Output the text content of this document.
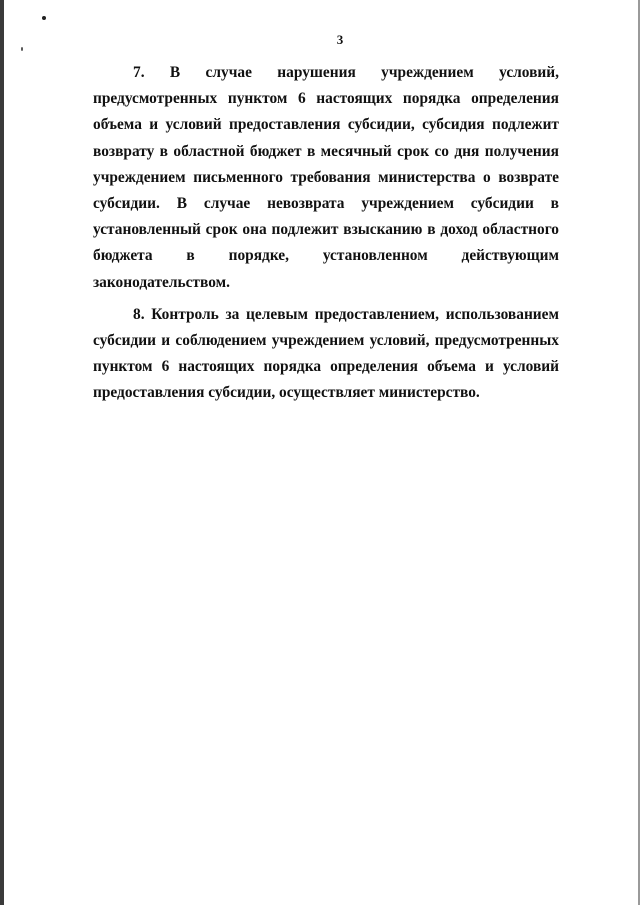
3

7. В случае нарушения учреждением условий, предусмотренных пунктом 6 настоящих порядка определения объема и условий предоставления субсидии, субсидия подлежит возврату в областной бюджет в месячный срок со дня получения учреждением письменного требования министерства о возврате субсидии. В случае невозврата учреждением субсидии в установленный срок она подлежит взысканию в доход областного бюджета в порядке, установленном действующим законодательством.

8. Контроль за целевым предоставлением, использованием субсидии и соблюдением учреждением условий, предусмотренных пунктом 6 настоящих порядка определения объема и условий предоставления субсидии, осуществляет министерство.
